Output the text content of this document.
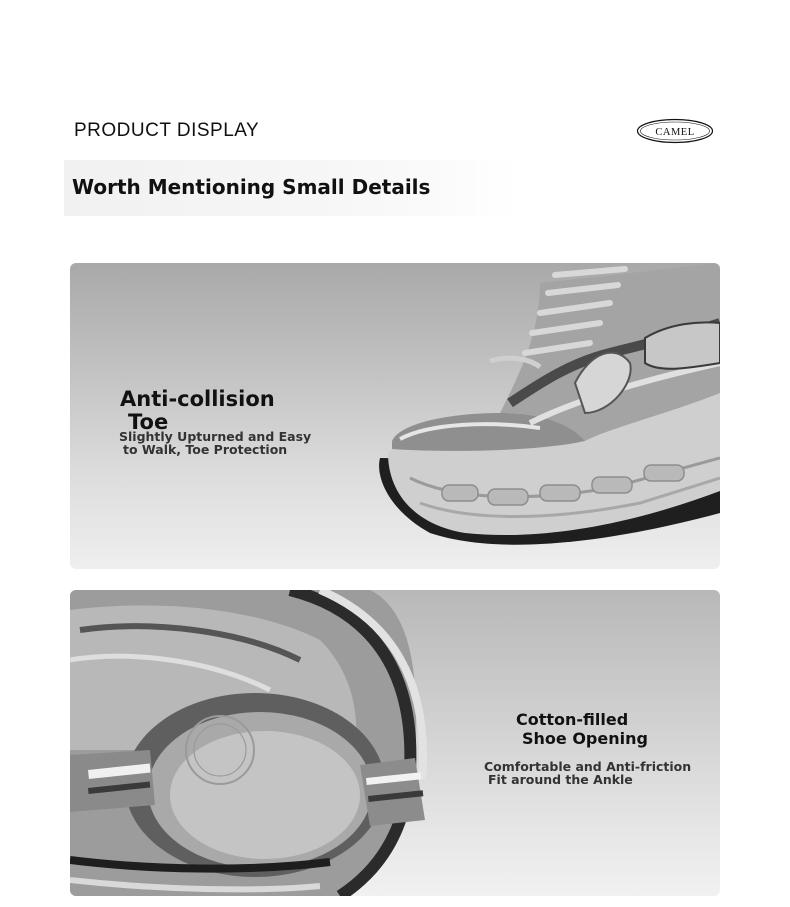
PRODUCT DISPLAY	CAMEL
Worth Mentioning Small Details
Anti-collision
Toe
Slightly Upturned and Easy
to Walk, Toe Protection
Cotton-filled
Shoe Opening
Comfortable and Anti-friction
Fit around the Ankle
